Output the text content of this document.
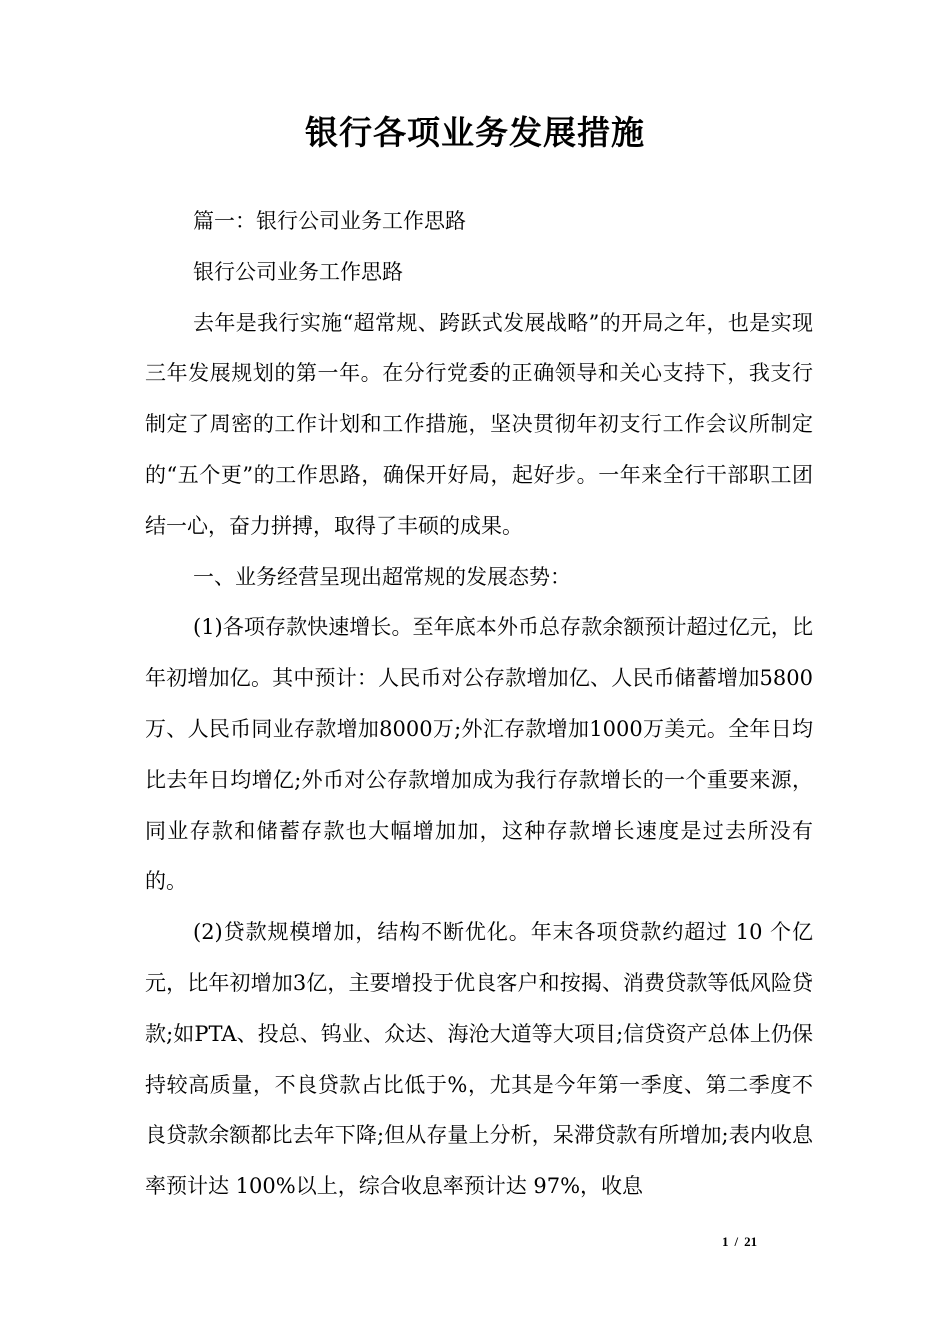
银行各项业务发展措施

篇一：银行公司业务工作思路

银行公司业务工作思路

去年是我行实施“超常规、跨跃式发展战略”的开局之年，也是实现三年发展规划的第一年。在分行党委的正确领导和关心支持下，我支行制定了周密的工作计划和工作措施，坚决贯彻年初支行工作会议所制定的“五个更”的工作思路，确保开好局，起好步。一年来全行干部职工团结一心，奋力拼搏，取得了丰硕的成果。

一、业务经营呈现出超常规的发展态势：

(1)各项存款快速增长。至年底本外币总存款余额预计超过亿元，比年初增加亿。其中预计：人民币对公存款增加亿、人民币储蓄增加5800万、人民币同业存款增加8000万;外汇存款增加1000万美元。全年日均比去年日均增亿;外币对公存款增加成为我行存款增长的一个重要来源，同业存款和储蓄存款也大幅增加加，这种存款增长速度是过去所没有的。

(2)贷款规模增加，结构不断优化。年末各项贷款约超过 10 个亿元，比年初增加3亿，主要增投于优良客户和按揭、消费贷款等低风险贷款;如PTA、投总、钨业、众达、海沧大道等大项目;信贷资产总体上仍保持较高质量，不良贷款占比低于%，尤其是今年第一季度、第二季度不良贷款余额都比去年下降;但从存量上分析，呆滞贷款有所增加;表内收息率预计达 100%以上，综合收息率预计达 97%，收息

1 / 21
